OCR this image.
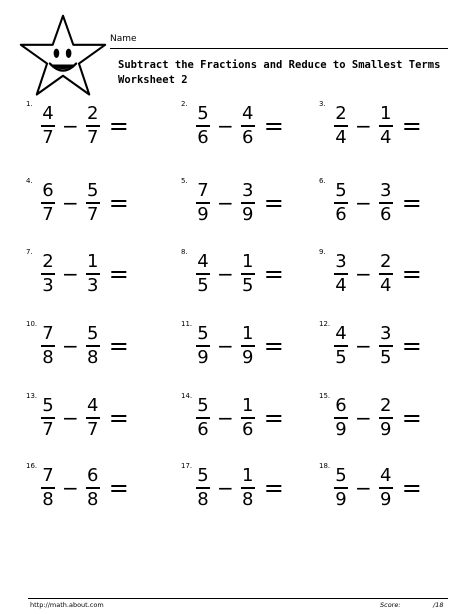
Name
Subtract the Fractions and Reduce to Smallest Terms
Worksheet 2
1.
$\frac{4}{7} - \frac{2}{7}$ =
2.
$\frac{5}{6} - \frac{4}{6}$ =
3.
$\frac{2}{4} - \frac{1}{4}$ =
4.
$\frac{6}{7} - \frac{5}{7}$ =
5.
$\frac{7}{9} - \frac{3}{9}$ =
6.
$\frac{5}{6} - \frac{3}{6}$ =
7.
$\frac{2}{3} - \frac{1}{3}$ =
8.
$\frac{4}{5} - \frac{1}{5}$ =
9.
$\frac{3}{4} - \frac{2}{4}$ =
10.
$\frac{7}{8} - \frac{5}{8}$ =
11.
$\frac{5}{9} - \frac{1}{9}$ =
12.
$\frac{4}{5} - \frac{3}{5}$ =
13.
$\frac{5}{7} - \frac{4}{7}$ =
14.
$\frac{5}{6} - \frac{1}{6}$ =
15.
$\frac{6}{9} - \frac{2}{9}$ =
16.
$\frac{7}{8} - \frac{6}{8}$ =
17.
$\frac{5}{8} - \frac{1}{8}$ =
18.
$\frac{5}{9} - \frac{4}{9}$ =
http://math.about.com	Score:	/18
